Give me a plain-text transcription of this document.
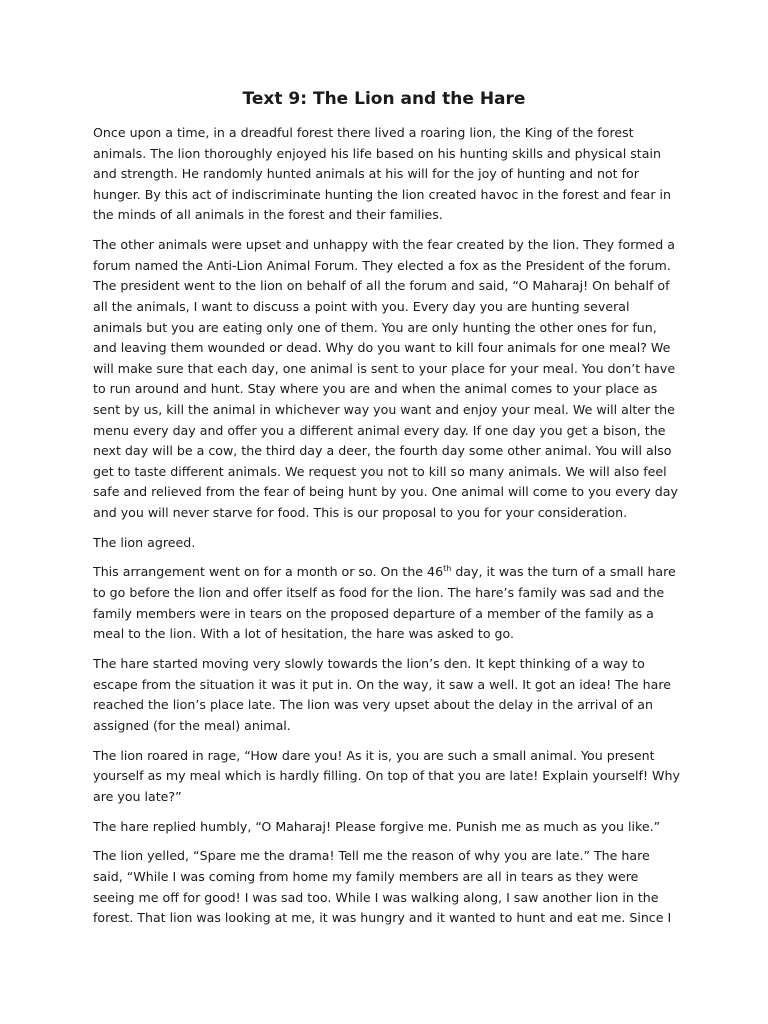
Text 9: The Lion and the Hare

Once upon a time, in a dreadful forest there lived a roaring lion, the King of the forest animals. The lion thoroughly enjoyed his life based on his hunting skills and physical stain and strength. He randomly hunted animals at his will for the joy of hunting and not for hunger. By this act of indiscriminate hunting the lion created havoc in the forest and fear in the minds of all animals in the forest and their families.

The other animals were upset and unhappy with the fear created by the lion. They formed a forum named the Anti-Lion Animal Forum. They elected a fox as the President of the forum. The president went to the lion on behalf of all the forum and said, “O Maharaj! On behalf of all the animals, I want to discuss a point with you. Every day you are hunting several animals but you are eating only one of them. You are only hunting the other ones for fun, and leaving them wounded or dead. Why do you want to kill four animals for one meal? We will make sure that each day, one animal is sent to your place for your meal. You don’t have to run around and hunt. Stay where you are and when the animal comes to your place as sent by us, kill the animal in whichever way you want and enjoy your meal. We will alter the menu every day and offer you a different animal every day. If one day you get a bison, the next day will be a cow, the third day a deer, the fourth day some other animal. You will also get to taste different animals. We request you not to kill so many animals. We will also feel safe and relieved from the fear of being hunt by you. One animal will come to you every day and you will never starve for food. This is our proposal to you for your consideration.

The lion agreed.

This arrangement went on for a month or so. On the 46th day, it was the turn of a small hare to go before the lion and offer itself as food for the lion. The hare’s family was sad and the family members were in tears on the proposed departure of a member of the family as a meal to the lion. With a lot of hesitation, the hare was asked to go.

The hare started moving very slowly towards the lion’s den. It kept thinking of a way to escape from the situation it was it put in. On the way, it saw a well. It got an idea! The hare reached the lion’s place late. The lion was very upset about the delay in the arrival of an assigned (for the meal) animal.

The lion roared in rage, “How dare you! As it is, you are such a small animal. You present yourself as my meal which is hardly filling. On top of that you are late! Explain yourself! Why are you late?”

The hare replied humbly, “O Maharaj! Please forgive me. Punish me as much as you like.”

The lion yelled, “Spare me the drama! Tell me the reason of why you are late.” The hare said, “While I was coming from home my family members are all in tears as they were seeing me off for good! I was sad too. While I was walking along, I saw another lion in the forest. That lion was looking at me, it was hungry and it wanted to hunt and eat me. Since I
